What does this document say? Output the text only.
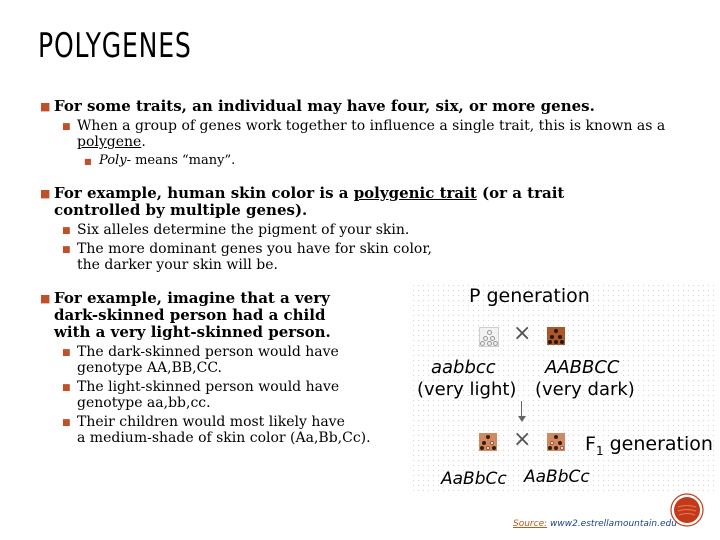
POLYGENES
■ For some traits, an individual may have four, six, or more genes.
■ When a group of genes work together to influence a single trait, this is known as a polygene.
■ Poly- means “many”.
■ For example, human skin color is a polygenic trait (or a trait controlled by multiple genes).
■ Six alleles determine the pigment of your skin.
■ The more dominant genes you have for skin color,
the darker your skin will be.
■ For example, imagine that a very
dark-skinned person had a child
with a very light-skinned person.
■ The dark-skinned person would have
genotype AA,BB,CC.
■ The light-skinned person would have
genotype aa,bb,cc.
■ Their children would most likely have
a medium-shade of skin color (Aa,Bb,Cc).
P generation
×
aabbcc
(very light)
AABBCC
(very dark)
×	$F_1$ generation
AaBbCc AaBbCc
Source: www2.estrellamountain.edu
